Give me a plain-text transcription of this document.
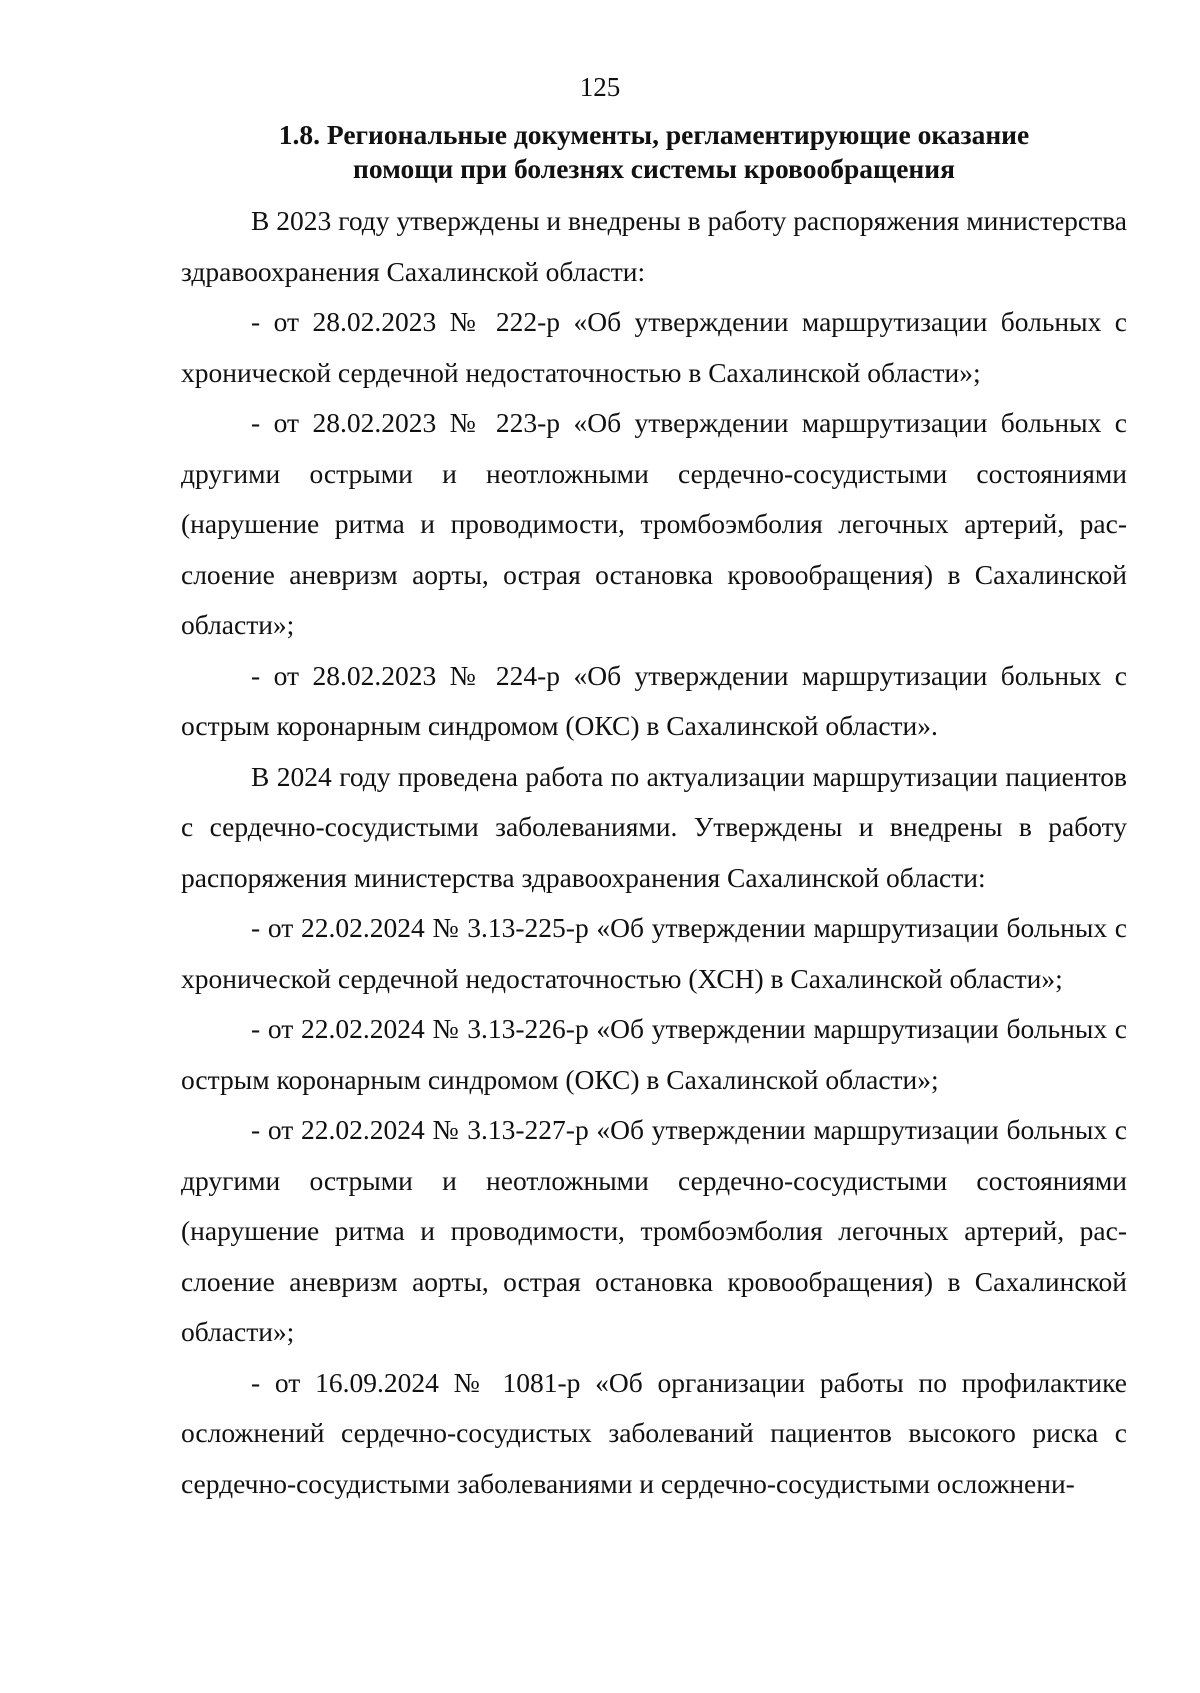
125
1.8. Региональные документы, регламентирующие оказание
помощи при болезнях системы кровообращения

В 2023 году утверждены и внедрены в работу распоряжения министерства здравоохранения Сахалинской области:

- от 28.02.2023 № 222-р «Об утверждении маршрутизации больных с хронической сердечной недостаточностью в Сахалинской области»;

- от 28.02.2023 № 223-р «Об утверждении маршрутизации больных с другими острыми и неотложными сердечно-сосудистыми состояниями (нарушение ритма и проводимости, тромбоэмболия легочных артерий, расслоение аневризм аорты, острая остановка кровообращения) в Сахалинской области»;

- от 28.02.2023 № 224-р «Об утверждении маршрутизации больных с острым коронарным синдромом (ОКС) в Сахалинской области».

В 2024 году проведена работа по актуализации маршрутизации пациентов с сердечно-сосудистыми заболеваниями. Утверждены и внедрены в работу распоряжения министерства здравоохранения Сахалинской области:

- от 22.02.2024 № 3.13-225-р «Об утверждении маршрутизации больных с хронической сердечной недостаточностью (ХСН) в Сахалинской области»;

- от 22.02.2024 № 3.13-226-р «Об утверждении маршрутизации больных с острым коронарным синдромом (ОКС) в Сахалинской области»;

- от 22.02.2024 № 3.13-227-р «Об утверждении маршрутизации больных с другими острыми и неотложными сердечно-сосудистыми состояниями (нарушение ритма и проводимости, тромбоэмболия легочных артерий, расслоение аневризм аорты, острая остановка кровообращения) в Сахалинской области»;

- от 16.09.2024 № 1081-р «Об организации работы по профилактике осложнений сердечно-сосудистых заболеваний пациентов высокого риска с сердечно-сосудистыми заболеваниями и сердечно-сосудистыми осложнени-
